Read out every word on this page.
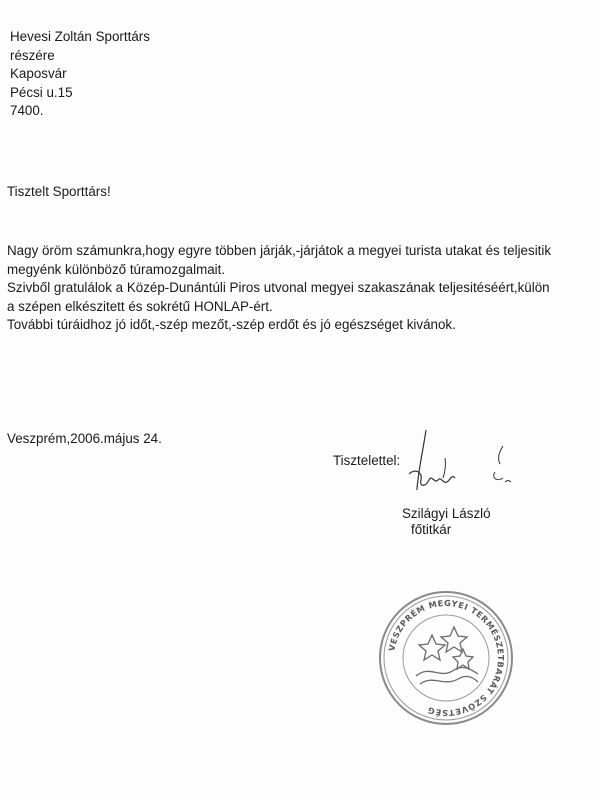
Hevesi Zoltán Sporttárs
részére
Kaposvár
Pécsi u.15
7400.
Tisztelt Sporttárs!
Nagy öröm számunkra,hogy egyre többen járják,-járjátok a megyei turista utakat és teljesitik
megyénk különböző túramozgalmait.
Szivből gratulálok a Közép-Dunántúli Piros utvonal megyei szakaszának teljesitéséért,külön
a szépen elkészitett és sokrétű HONLAP-ért.
További túráidhoz jó időt,-szép mezőt,-szép erdőt és jó egészséget kivánok.
Veszprém,2006.május 24.
Tisztelettel:
Szilágyi László
főtitkár
VESZPRÉM MEGYEI TERMÉSZETBARÁT SZÖVETSÉG
